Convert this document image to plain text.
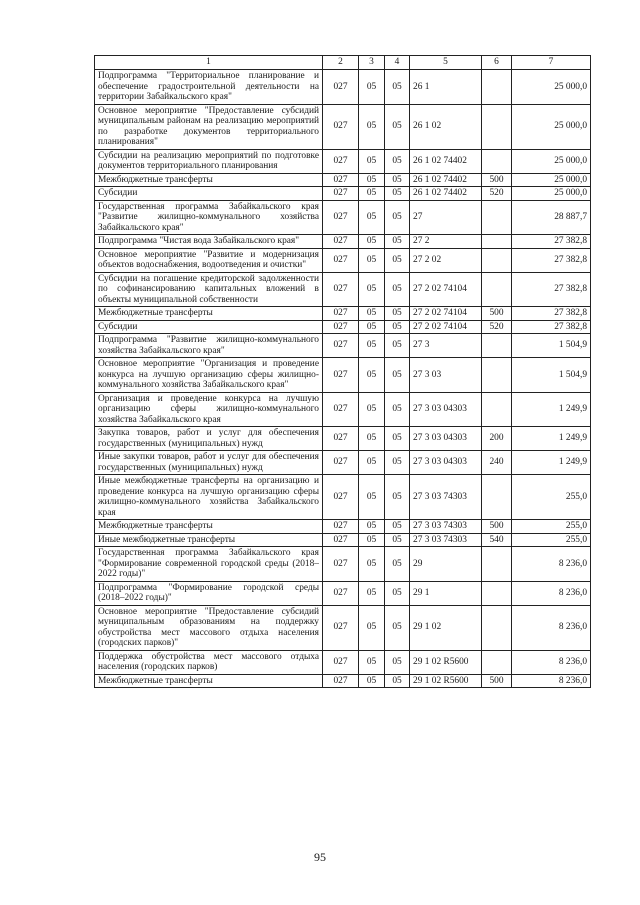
1	2	3	4	5	6	7
Подпрограмма "Территориальное планирование и обеспечение градостроительной деятельности на территории Забайкальского края"	027	05	05	26 1		25 000,0
Основное мероприятие "Предоставление субсидий муниципальным районам на реализацию мероприятий по разработке документов территориального планирования"	027	05	05	26 1 02		25 000,0
Субсидии на реализацию мероприятий по подготовке документов территориального планирования	027	05	05	26 1 02 74402		25 000,0
Межбюджетные трансферты	027	05	05	26 1 02 74402	500	25 000,0
Субсидии	027	05	05	26 1 02 74402	520	25 000,0
Государственная программа Забайкальского края "Развитие жилищно-коммунального хозяйства Забайкальского края"	027	05	05	27		28 887,7
Подпрограмма "Чистая вода Забайкальского края"	027	05	05	27 2		27 382,8
Основное мероприятие "Развитие и модернизация объектов водоснабжения, водоотведения и очистки"	027	05	05	27 2 02		27 382,8
Субсидии на погашение кредиторской задолженности по софинансированию капитальных вложений в объекты муниципальной собственности	027	05	05	27 2 02 74104		27 382,8
Межбюджетные трансферты	027	05	05	27 2 02 74104	500	27 382,8
Субсидии	027	05	05	27 2 02 74104	520	27 382,8
Подпрограмма "Развитие жилищно-коммунального хозяйства Забайкальского края"	027	05	05	27 3		1 504,9
Основное мероприятие "Организация и проведение конкурса на лучшую организацию сферы жилищно-коммунального хозяйства Забайкальского края"	027	05	05	27 3 03		1 504,9
Организация и проведение конкурса на лучшую организацию сферы жилищно-коммунального хозяйства Забайкальского края	027	05	05	27 3 03 04303		1 249,9
Закупка товаров, работ и услуг для обеспечения государственных (муниципальных) нужд	027	05	05	27 3 03 04303	200	1 249,9
Иные закупки товаров, работ и услуг для обеспечения государственных (муниципальных) нужд	027	05	05	27 3 03 04303	240	1 249,9
Иные межбюджетные трансферты на организацию и проведение конкурса на лучшую организацию сферы жилищно-коммунального хозяйства Забайкальского края	027	05	05	27 3 03 74303		255,0
Межбюджетные трансферты	027	05	05	27 3 03 74303	500	255,0
Иные межбюджетные трансферты	027	05	05	27 3 03 74303	540	255,0
Государственная программа Забайкальского края "Формирование современной городской среды (2018–2022 годы)"	027	05	05	29		8 236,0
Подпрограмма "Формирование городской среды (2018–2022 годы)"	027	05	05	29 1		8 236,0
Основное мероприятие "Предоставление субсидий муниципальным образованиям на поддержку обустройства мест массового отдыха населения (городских парков)"	027	05	05	29 1 02		8 236,0
Поддержка обустройства мест массового отдыха населения (городских парков)	027	05	05	29 1 02 R5600		8 236,0
Межбюджетные трансферты	027	05	05	29 1 02 R5600	500	8 236,0
95
